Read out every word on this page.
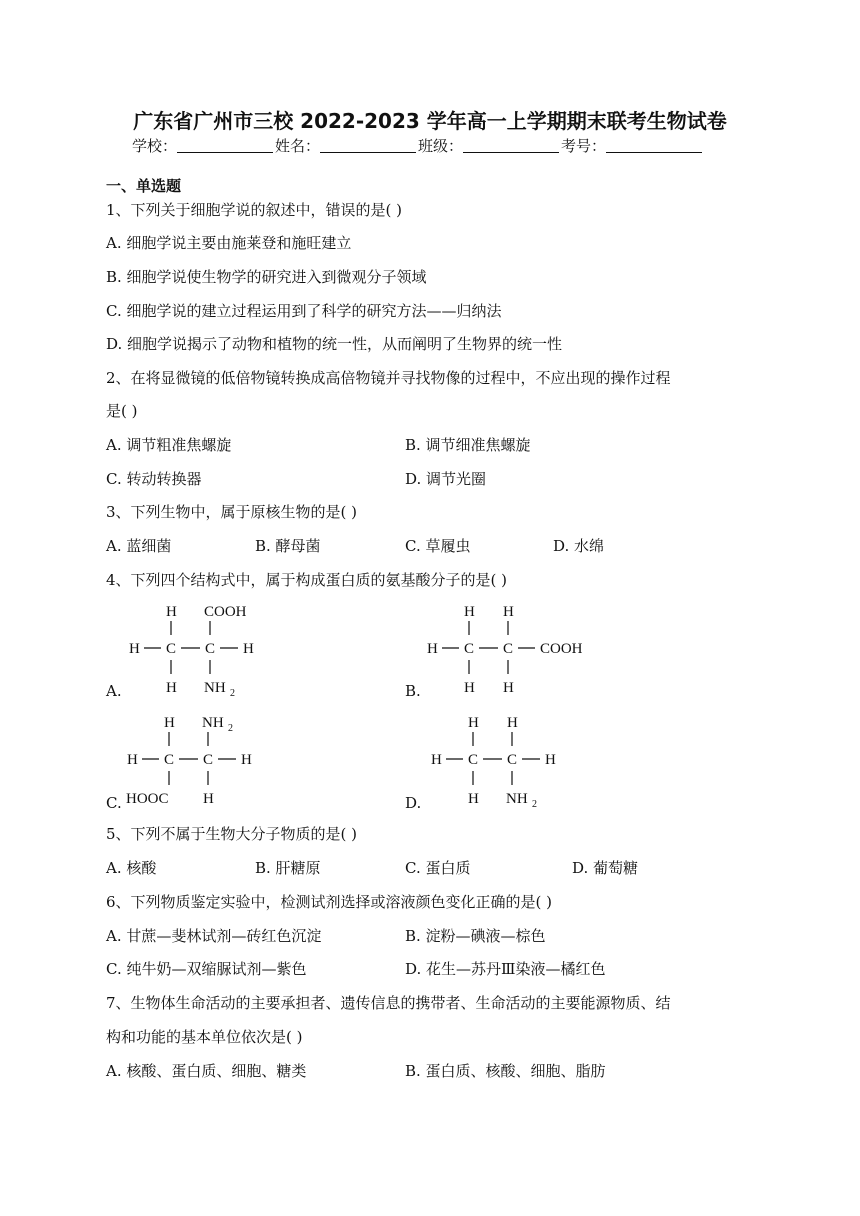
广东省广州市三校 2022-2023 学年高一上学期期末联考生物试卷
学校：	姓名：	班级：	考号：
一、单选题
1、下列关于细胞学说的叙述中，错误的是( )
A. 细胞学说主要由施莱登和施旺建立
B. 细胞学说使生物学的研究进入到微观分子领域
C. 细胞学说的建立过程运用到了科学的研究方法——归纳法
D. 细胞学说揭示了动物和植物的统一性，从而阐明了生物界的统一性
2、在将显微镜的低倍物镜转换成高倍物镜并寻找物像的过程中，不应出现的操作过程
是( )
A. 调节粗准焦螺旋	B. 调节细准焦螺旋
C. 转动转换器	D. 调节光圈
3、下列生物中，属于原核生物的是( )
A. 蓝细菌	B. 酵母菌	C. 草履虫	D. 水绵
4、下列四个结构式中，属于构成蛋白质的氨基酸分子的是( )
A.	B.
C.	D.
H COOH
H C C H
H NH 2
H H
H C C COOH
H H
H NH 2
H C C H
HOOC H
H H
H C C H
H NH 2
5、下列不属于生物大分子物质的是( )
A. 核酸	B. 肝糖原	C. 蛋白质	D. 葡萄糖
6、下列物质鉴定实验中，检测试剂选择或溶液颜色变化正确的是( )
A. 甘蔗—斐林试剂—砖红色沉淀	B. 淀粉—碘液—棕色
C. 纯牛奶—双缩脲试剂—紫色	D. 花生—苏丹Ⅲ染液—橘红色
7、生物体生命活动的主要承担者、遗传信息的携带者、生命活动的主要能源物质、结
构和功能的基本单位依次是( )
A. 核酸、蛋白质、细胞、糖类	B. 蛋白质、核酸、细胞、脂肪
